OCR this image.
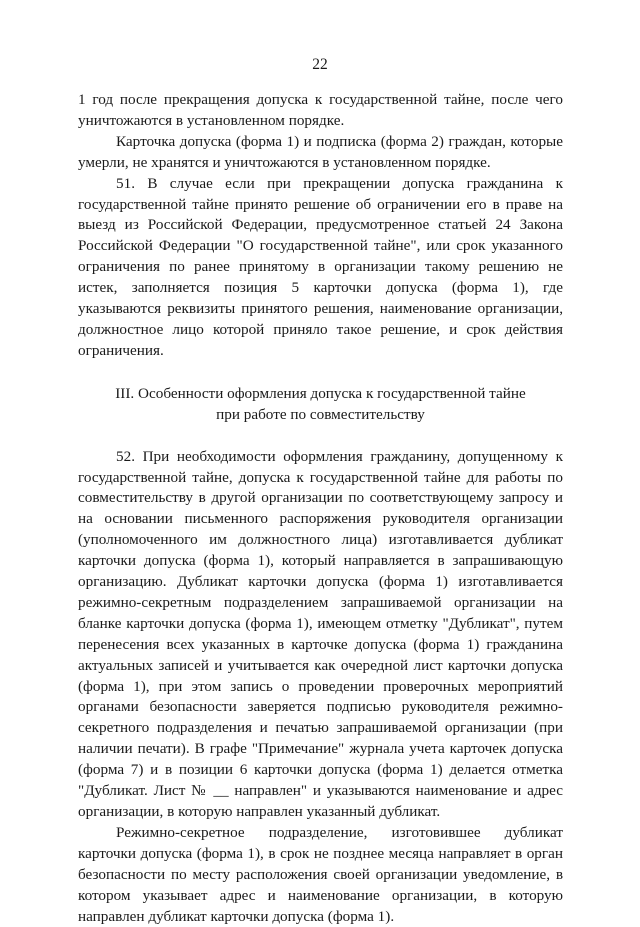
22

1 год после прекращения допуска к государственной тайне, после чего уничтожаются в установленном порядке.

Карточка допуска (форма 1) и подписка (форма 2) граждан, которые умерли, не хранятся и уничтожаются в установленном порядке.

51. В случае если при прекращении допуска гражданина к государственной тайне принято решение об ограничении его в праве на выезд из Российской Федерации, предусмотренное статьей 24 Закона Российской Федерации "О государственной тайне", или срок указанного ограничения по ранее принятому в организации такому решению не истек, заполняется позиция 5 карточки допуска (форма 1), где указываются реквизиты принятого решения, наименование организации, должностное лицо которой приняло такое решение, и срок действия ограничения.

III. Особенности оформления допуска к государственной тайне
при работе по совместительству

52. При необходимости оформления гражданину, допущенному к государственной тайне, допуска к государственной тайне для работы по совместительству в другой организации по соответствующему запросу и на основании письменного распоряжения руководителя организации (уполномоченного им должностного лица) изготавливается дубликат карточки допуска (форма 1), который направляется в запрашивающую организацию. Дубликат карточки допуска (форма 1) изготавливается режимно-секретным подразделением запрашиваемой организации на бланке карточки допуска (форма 1), имеющем отметку "Дубликат", путем перенесения всех указанных в карточке допуска (форма 1) гражданина актуальных записей и учитывается как очередной лист карточки допуска (форма 1), при этом запись о проведении проверочных мероприятий органами безопасности заверяется подписью руководителя режимно-секретного подразделения и печатью запрашиваемой организации (при наличии печати). В графе "Примечание" журнала учета карточек допуска (форма 7) и в позиции 6 карточки допуска (форма 1) делается отметка "Дубликат. Лист № __ направлен" и указываются наименование и адрес организации, в которую направлен указанный дубликат.

Режимно-секретное подразделение, изготовившее дубликат карточки допуска (форма 1), в срок не позднее месяца направляет в орган безопасности по месту расположения своей организации уведомление, в котором указывает адрес и наименование организации, в которую направлен дубликат карточки допуска (форма 1).
